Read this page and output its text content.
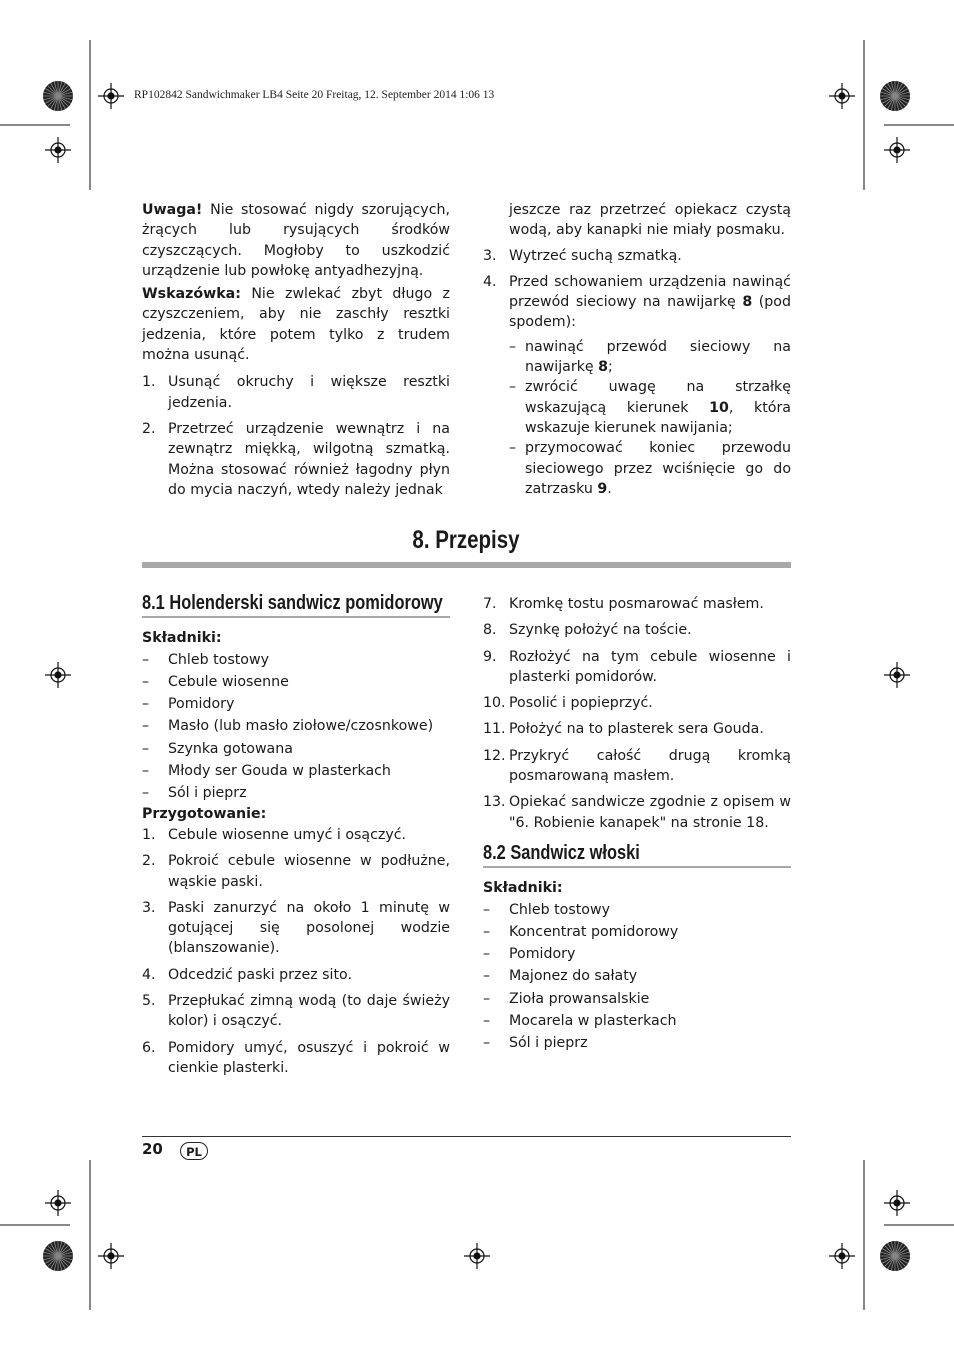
RP102842 Sandwichmaker LB4 Seite 20 Freitag, 12. September 2014 1:06 13

Uwaga! Nie stosować nigdy szorujących, żrących lub rysujących środków czyszczących. Mogłoby to uszkodzić urządzenie lub powłokę antyadhezyjną.

Wskazówka: Nie zwlekać zbyt długo z czyszczeniem, aby nie zaschły resztki jedzenia, które potem tylko z trudem można usunąć.

1. Usunąć okruchy i większe resztki jedzenia.
2. Przetrzeć urządzenie wewnątrz i na zewnątrz miękką, wilgotną szmatką. Można stosować również łagodny płyn do mycia naczyń, wtedy należy jednak

jeszcze raz przetrzeć opiekacz czystą wodą, aby kanapki nie miały posmaku.

3. Wytrzeć suchą szmatką.
4. Przed schowaniem urządzenia nawinąć przewód sieciowy na nawijarkę 8 (pod spodem):
– nawinąć przewód sieciowy na nawijarkę 8;
– zwrócić uwagę na strzałkę wskazującą kierunek 10, która wskazuje kierunek nawijania;
– przymocować koniec przewodu sieciowego przez wciśnięcie go do zatrzasku 9.
8. Przepisy
8.1 Holenderski sandwicz pomidorowy
Składniki:
– Chleb tostowy
– Cebule wiosenne
– Pomidory
– Masło (lub masło ziołowe/czosnkowe)
– Szynka gotowana
– Młody ser Gouda w plasterkach
– Sól i pieprz
Przygotowanie:
1. Cebule wiosenne umyć i osączyć.
2. Pokroić cebule wiosenne w podłużne, wąskie paski.
3. Paski zanurzyć na około 1 minutę w gotującej się posolonej wodzie (blanszowanie).
4. Odcedzić paski przez sito.
5. Przepłukać zimną wodą (to daje świeży kolor) i osączyć.
6. Pomidory umyć, osuszyć i pokroić w cienkie plasterki.
7. Kromkę tostu posmarować masłem.
8. Szynkę położyć na toście.
9. Rozłożyć na tym cebule wiosenne i plasterki pomidorów.
10. Posolić i popieprzyć.
11. Położyć na to plasterek sera Gouda.
12. Przykryć całość drugą kromką posmarowaną masłem.
13. Opiekać sandwicze zgodnie z opisem w "6. Robienie kanapek" na stronie 18.
8.2 Sandwicz włoski
Składniki:
– Chleb tostowy
– Koncentrat pomidorowy
– Pomidory
– Majonez do sałaty
– Zioła prowansalskie
– Mocarela w plasterkach
– Sól i pieprz
20	PL
